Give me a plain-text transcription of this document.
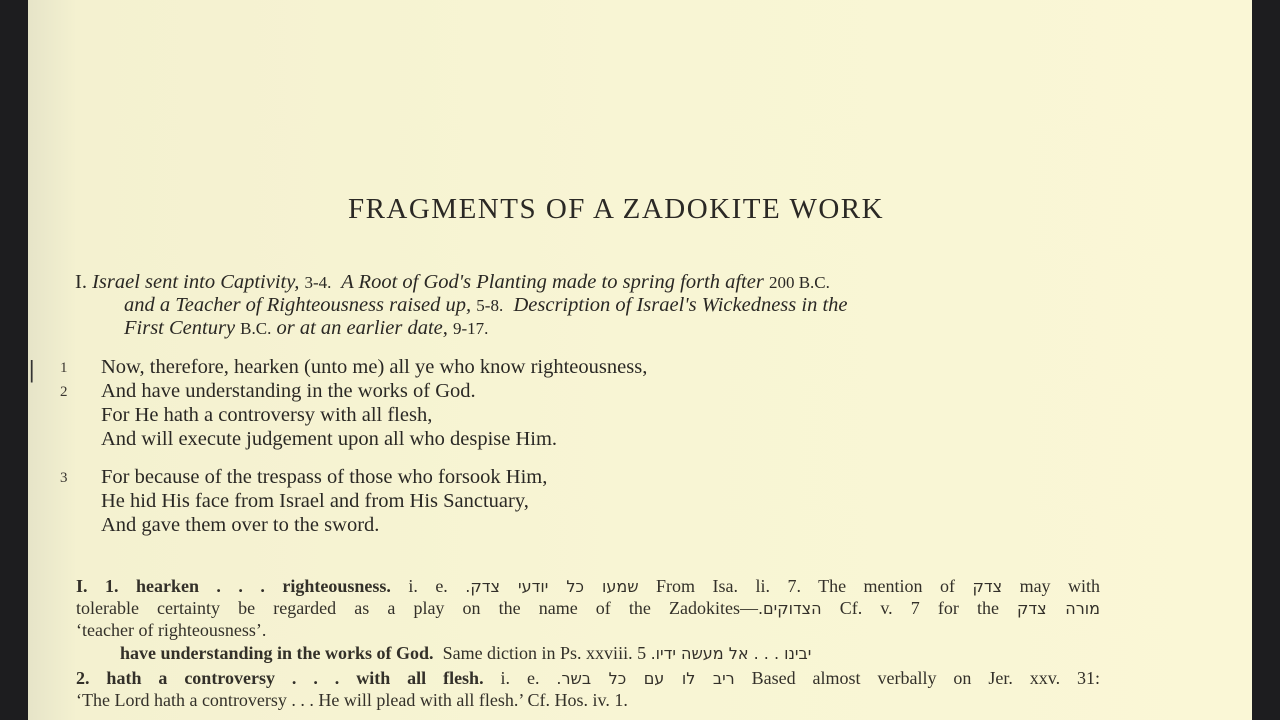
|
FRAGMENTS OF A ZADOKITE WORK
I. Israel sent into Captivity, 3-4. A Root of God's Planting made to spring forth after 200 B.C.
and a Teacher of Righteousness raised up, 5-8. Description of Israel's Wickedness in the
First Century B.C. or at an earlier date, 9-17.
1 Now, therefore, hearken (unto me) all ye who know righteousness,
2 And have understanding in the works of God.
For He hath a controversy with all flesh,
And will execute judgement upon all who despise Him.
3 For because of the trespass of those who forsook Him,
He hid His face from Israel and from His Sanctuary,
And gave them over to the sword.
I. 1. hearken . . . righteousness. i. e. שמעו כל יודעי צדק. From Isa. li. 7. The mention of צדק may with
tolerable certainty be regarded as a play on the name of the Zadokites—הצדוקים. Cf. v. 7 for the מורה צדק
‘teacher of righteousness’.
have understanding in the works of God. Same diction in Ps. xxviii. 5 יבינו . . . אל מעשה ידיו.
2. hath a controversy . . . with all flesh. i. e. ריב לו עם כל בשר. Based almost verbally on Jer. xxv. 31:
‘The Lord hath a controversy . . . He will plead with all flesh.’ Cf. Hos. iv. 1.
